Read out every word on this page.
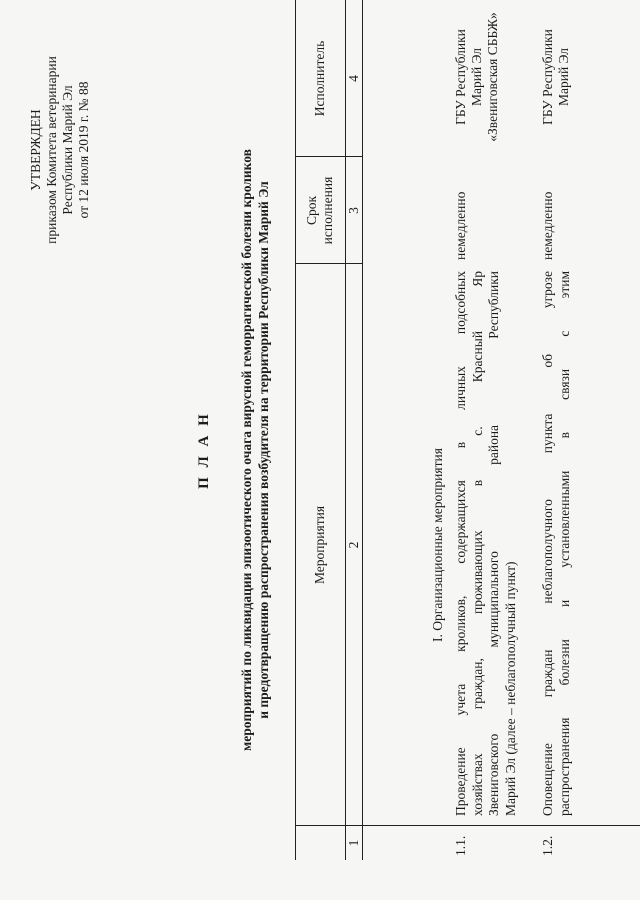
УТВЕРЖДЕН приказом Комитета ветеринарии Республики Марий Эл от 12 июля 2019 г. № 88
П Л А Н мероприятий по ликвидации эпизоотического очага вирусной геморрагической болезни кроликов и предотвращению распространения возбудителя на территории Республики Марий Эл	Мероприятия
Срок исполнения
Исполнитель
1
2
3
4
I. Организационные мероприятия
1.1.
Проведение учета кроликов, содержащихся в личных подсобных хозяйствах граждан, проживающих в с. Красный Яр Звениговского муниципального района Республики Марий Эл (далее – неблагополучный пункт)
немедленно
ГБУ Республики Марий Эл «Звениговская СББЖ»
1.2.
Оповещение граждан неблагополучного пункта об угрозе распространения болезни и установленными в связи с этим
немедленно
ГБУ Республики Марий Эл
